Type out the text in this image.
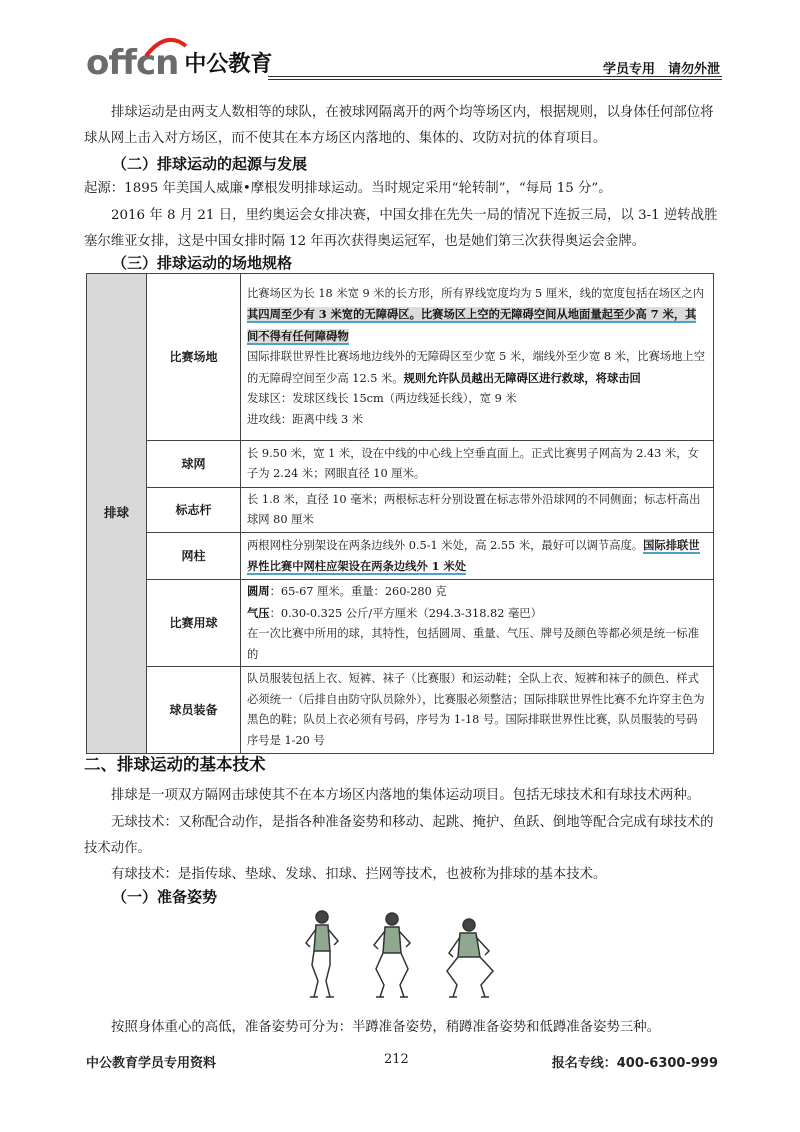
offcn 中公教育	学员专用　请勿外泄

排球运动是由两支人数相等的球队，在被球网隔离开的两个均等场区内，根据规则，以身体任何部位将球从网上击入对方场区，而不使其在本方场区内落地的、集体的、攻防对抗的体育项目。

（二）排球运动的起源与发展

起源：1895 年美国人威廉•摩根发明排球运动。当时规定采用“轮转制”，“每局 15 分”。

2016 年 8 月 21 日，里约奥运会女排决赛，中国女排在先失一局的情况下连扳三局，以 3-1 逆转战胜塞尔维亚女排，这是中国女排时隔 12 年再次获得奥运冠军，也是她们第三次获得奥运会金牌。

（三）排球运动的场地规格

排球	比赛场地	比赛场区为长 18 米宽 9 米的长方形，所有界线宽度均为 5 厘米，线的宽度包括在场区之内

其四周至少有 3 米宽的无障碍区。比赛场区上空的无障碍空间从地面量起至少高 7 米，其间不得有任何障碍物

国际排联世界性比赛场地边线外的无障碍区至少宽 5 米，端线外至少宽 8 米，比赛场地上空的无障碍空间至少高 12.5 米。规则允许队员越出无障碍区进行救球，将球击回

发球区：发球区线长 15cm（两边线延长线），宽 9 米

进攻线：距离中线 3 米

	球网	长 9.50 米，宽 1 米，设在中线的中心线上空垂直面上。正式比赛男子网高为 2.43 米，女子为 2.24 米；网眼直径 10 厘米。
	标志杆	长 1.8 米，直径 10 毫米；两根标志杆分别设置在标志带外沿球网的不同侧面；标志杆高出球网 80 厘米
	网柱	两根网柱分别架设在两条边线外 0.5-1 米处，高 2.55 米，最好可以调节高度。国际排联世界性比赛中网柱应架设在两条边线外 1 米处
	比赛用球	圆周：65-67 厘米。重量：260-280 克

气压：0.30-0.325 公斤/平方厘米（294.3-318.82 毫巴）

在一次比赛中所用的球，其特性，包括圆周、重量、气压、牌号及颜色等都必须是统一标准的

	球员装备	队员服装包括上衣、短裤、袜子（比赛服）和运动鞋；全队上衣、短裤和袜子的颜色、样式必须统一（后排自由防守队员除外），比赛服必须整洁；国际排联世界性比赛不允许穿主色为黑色的鞋；队员上衣必须有号码，序号为 1-18 号。国际排联世界性比赛，队员服装的号码序号是 1-20 号

二、排球运动的基本技术

排球是一项双方隔网击球使其不在本方场区内落地的集体运动项目。包括无球技术和有球技术两种。

无球技术：又称配合动作，是指各种准备姿势和移动、起跳、掩护、鱼跃、倒地等配合完成有球技术的技术动作。

有球技术：是指传球、垫球、发球、扣球、拦网等技术，也被称为排球的基本技术。

（一）准备姿势

按照身体重心的高低，准备姿势可分为：半蹲准备姿势，稍蹲准备姿势和低蹲准备姿势三种。

中公教育学员专用资料	212	报名专线：400-6300-999
